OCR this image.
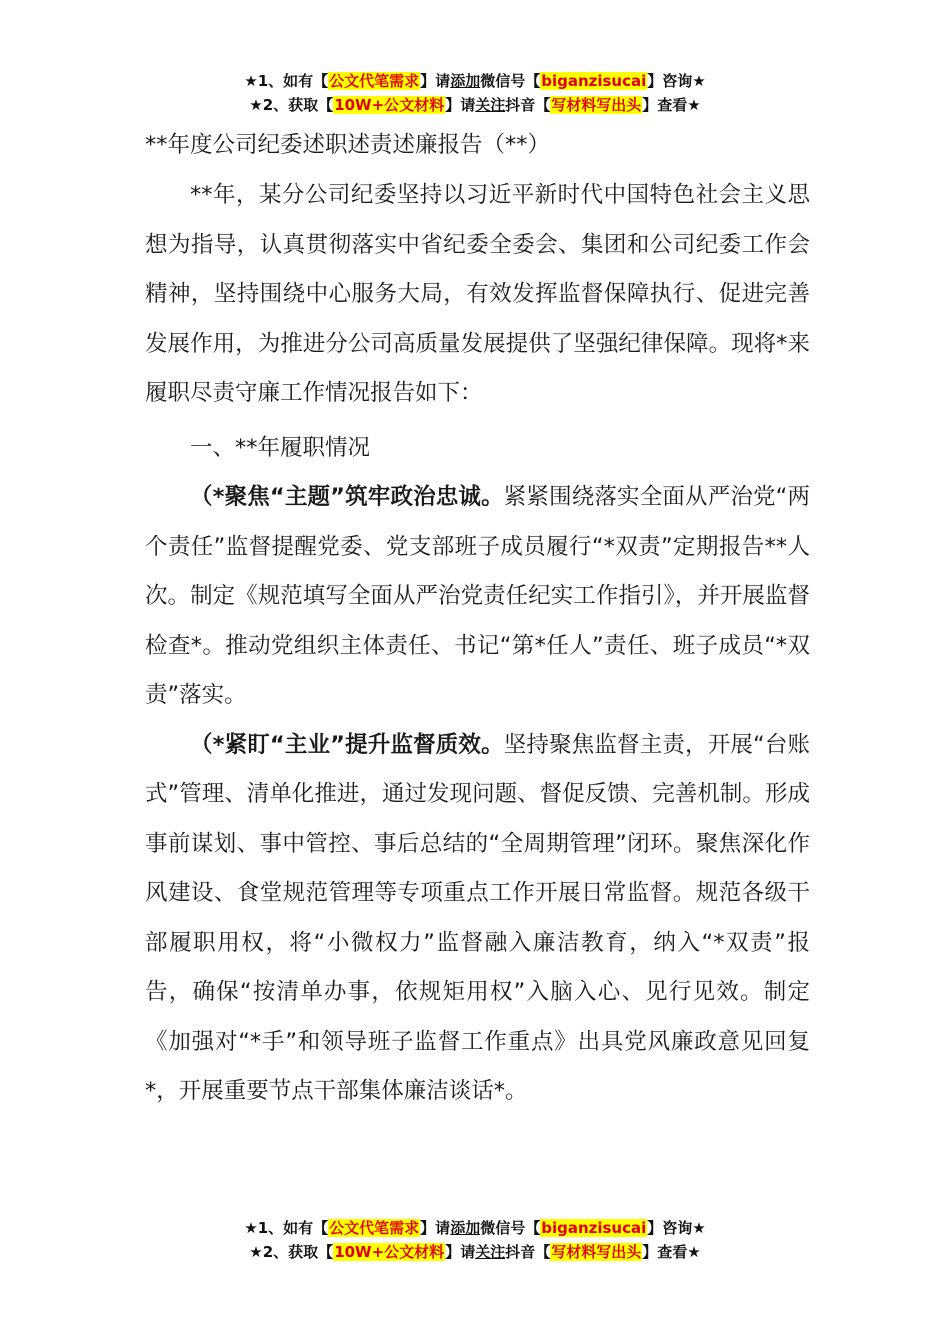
★1、如有【公文代笔需求】请添加微信号【biganzisucai】咨询★
★2、获取【10W+公文材料】请关注抖音【写材料写出头】查看★

**年度公司纪委述职述责述廉报告（**）

**年，某分公司纪委坚持以习近平新时代中国特色社会主义思想为指导，认真贯彻落实中省纪委全委会、集团和公司纪委工作会精神，坚持围绕中心服务大局，有效发挥监督保障执行、促进完善发展作用，为推进分公司高质量发展提供了坚强纪律保障。现将*来履职尽责守廉工作情况报告如下：

一、**年履职情况

（*聚焦“主题”筑牢政治忠诚。紧紧围绕落实全面从严治党“两个责任”监督提醒党委、党支部班子成员履行“*双责”定期报告**人次。制定《规范填写全面从严治党责任纪实工作指引》，并开展监督检查*。推动党组织主体责任、书记“第*任人”责任、班子成员“*双责”落实。

（*紧盯“主业”提升监督质效。坚持聚焦监督主责，开展“台账式”管理、清单化推进，通过发现问题、督促反馈、完善机制。形成事前谋划、事中管控、事后总结的“全周期管理”闭环。聚焦深化作风建设、食堂规范管理等专项重点工作开展日常监督。规范各级干部履职用权，将“小微权力”监督融入廉洁教育，纳入“*双责”报告，确保“按清单办事，依规矩用权”入脑入心、见行见效。制定《加强对“*手”和领导班子监督工作重点》出具党风廉政意见回复*，开展重要节点干部集体廉洁谈话*。

★1、如有【公文代笔需求】请添加微信号【biganzisucai】咨询★
★2、获取【10W+公文材料】请关注抖音【写材料写出头】查看★
